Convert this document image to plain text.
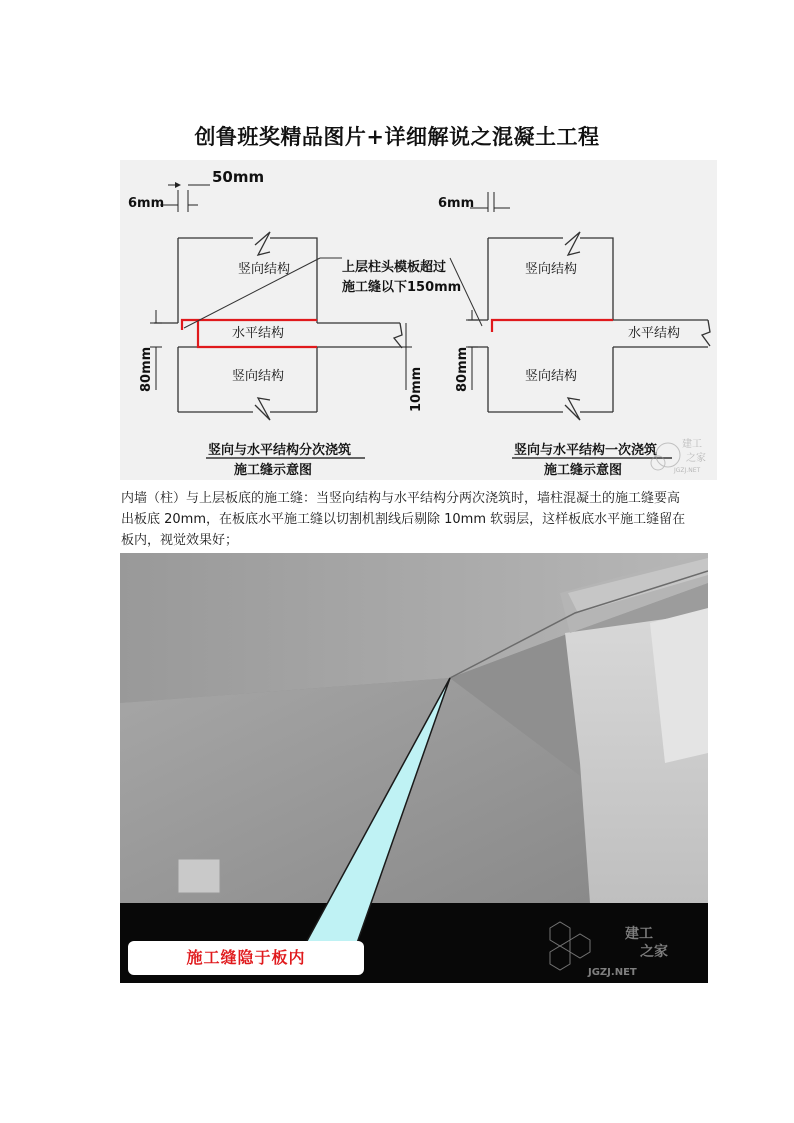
创鲁班奖精品图片+详细解说之混凝土工程
6mm
50mm
80mm	10mm
竖向结构
水平结构
竖向结构
竖向与水平结构分次浇筑
施工缝示意图
上层柱头模板超过
施工缝以下150mm
6mm
80mm
竖向结构
水平结构
竖向结构
竖向与水平结构一次浇筑
施工缝示意图
建工
之家
JGZJ.NET
内墙（柱）与上层板底的施工缝：当竖向结构与水平结构分两次浇筑时，墙柱混凝土的施工缝要高出板底 20mm，在板底水平施工缝以切割机割线后剔除 10mm 软弱层，这样板底水平施工缝留在板内，视觉效果好；
建工
之家
JGZJ.NET
施工缝隐于板内
